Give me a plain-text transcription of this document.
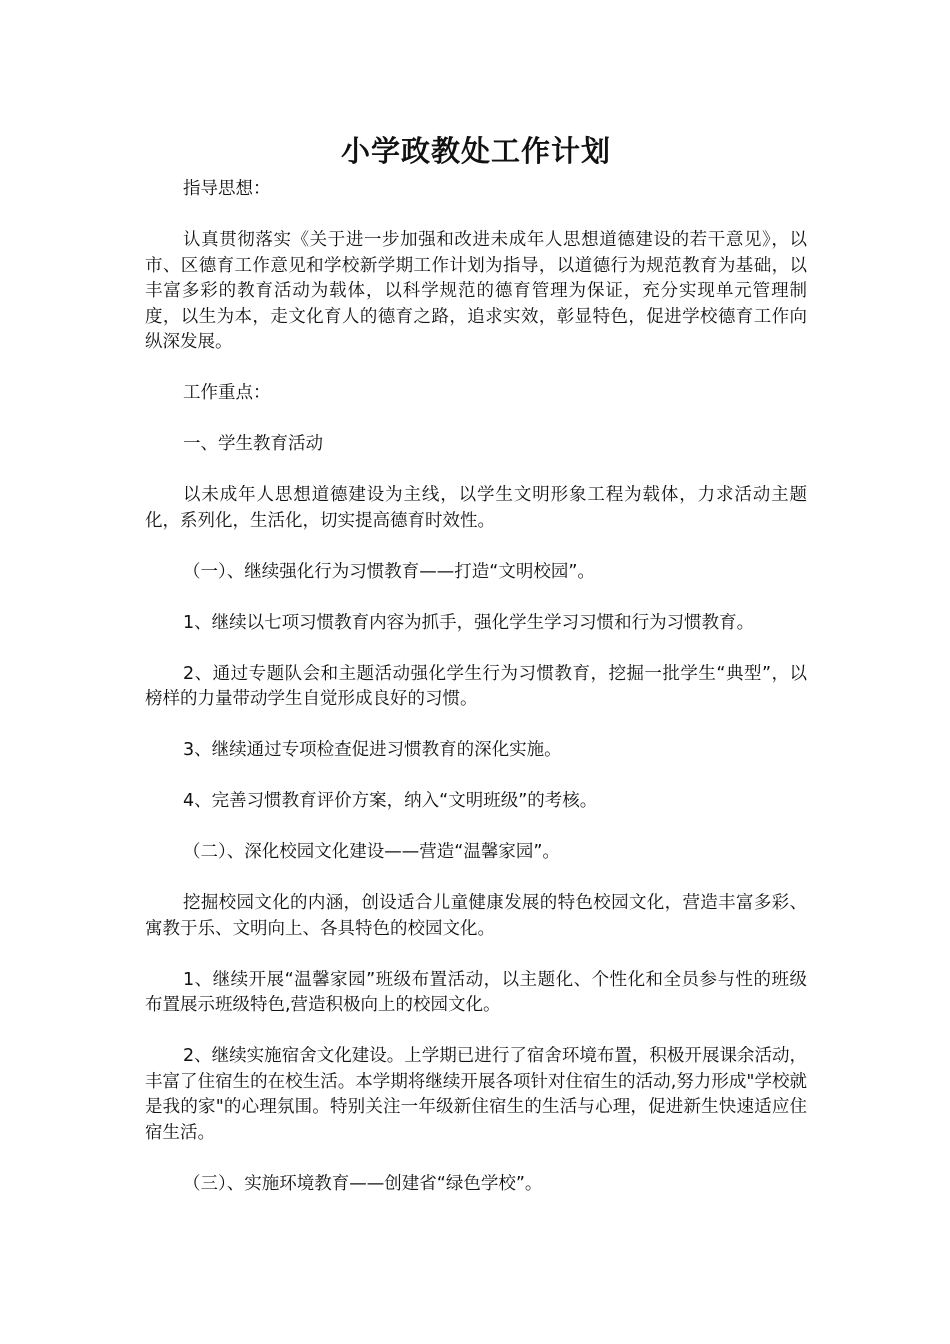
小学政教处工作计划

指导思想：

认真贯彻落实《关于进一步加强和改进未成年人思想道德建设的若干意见》，以市、区德育工作意见和学校新学期工作计划为指导，以道德行为规范教育为基础，以丰富多彩的教育活动为载体，以科学规范的德育管理为保证，充分实现单元管理制度，以生为本，走文化育人的德育之路，追求实效，彰显特色，促进学校德育工作向纵深发展。

工作重点：

一、学生教育活动

以未成年人思想道德建设为主线，以学生文明形象工程为载体，力求活动主题化，系列化，生活化，切实提高德育时效性。

（一）、继续强化行为习惯教育——打造“文明校园”。

1、继续以七项习惯教育内容为抓手，强化学生学习习惯和行为习惯教育。

2、通过专题队会和主题活动强化学生行为习惯教育，挖掘一批学生“典型”，以榜样的力量带动学生自觉形成良好的习惯。

3、继续通过专项检查促进习惯教育的深化实施。

4、完善习惯教育评价方案，纳入“文明班级”的考核。

（二）、深化校园文化建设——营造“温馨家园”。

挖掘校园文化的内涵，创设适合儿童健康发展的特色校园文化，营造丰富多彩、寓教于乐、文明向上、各具特色的校园文化。

1、继续开展“温馨家园”班级布置活动，以主题化、个性化和全员参与性的班级布置展示班级特色,营造积极向上的校园文化。

2、继续实施宿舍文化建设。上学期已进行了宿舍环境布置，积极开展课余活动，丰富了住宿生的在校生活。本学期将继续开展各项针对住宿生的活动,努力形成"学校就是我的家"的心理氛围。特别关注一年级新住宿生的生活与心理，促进新生快速适应住宿生活。

（三）、实施环境教育——创建省“绿色学校”。
